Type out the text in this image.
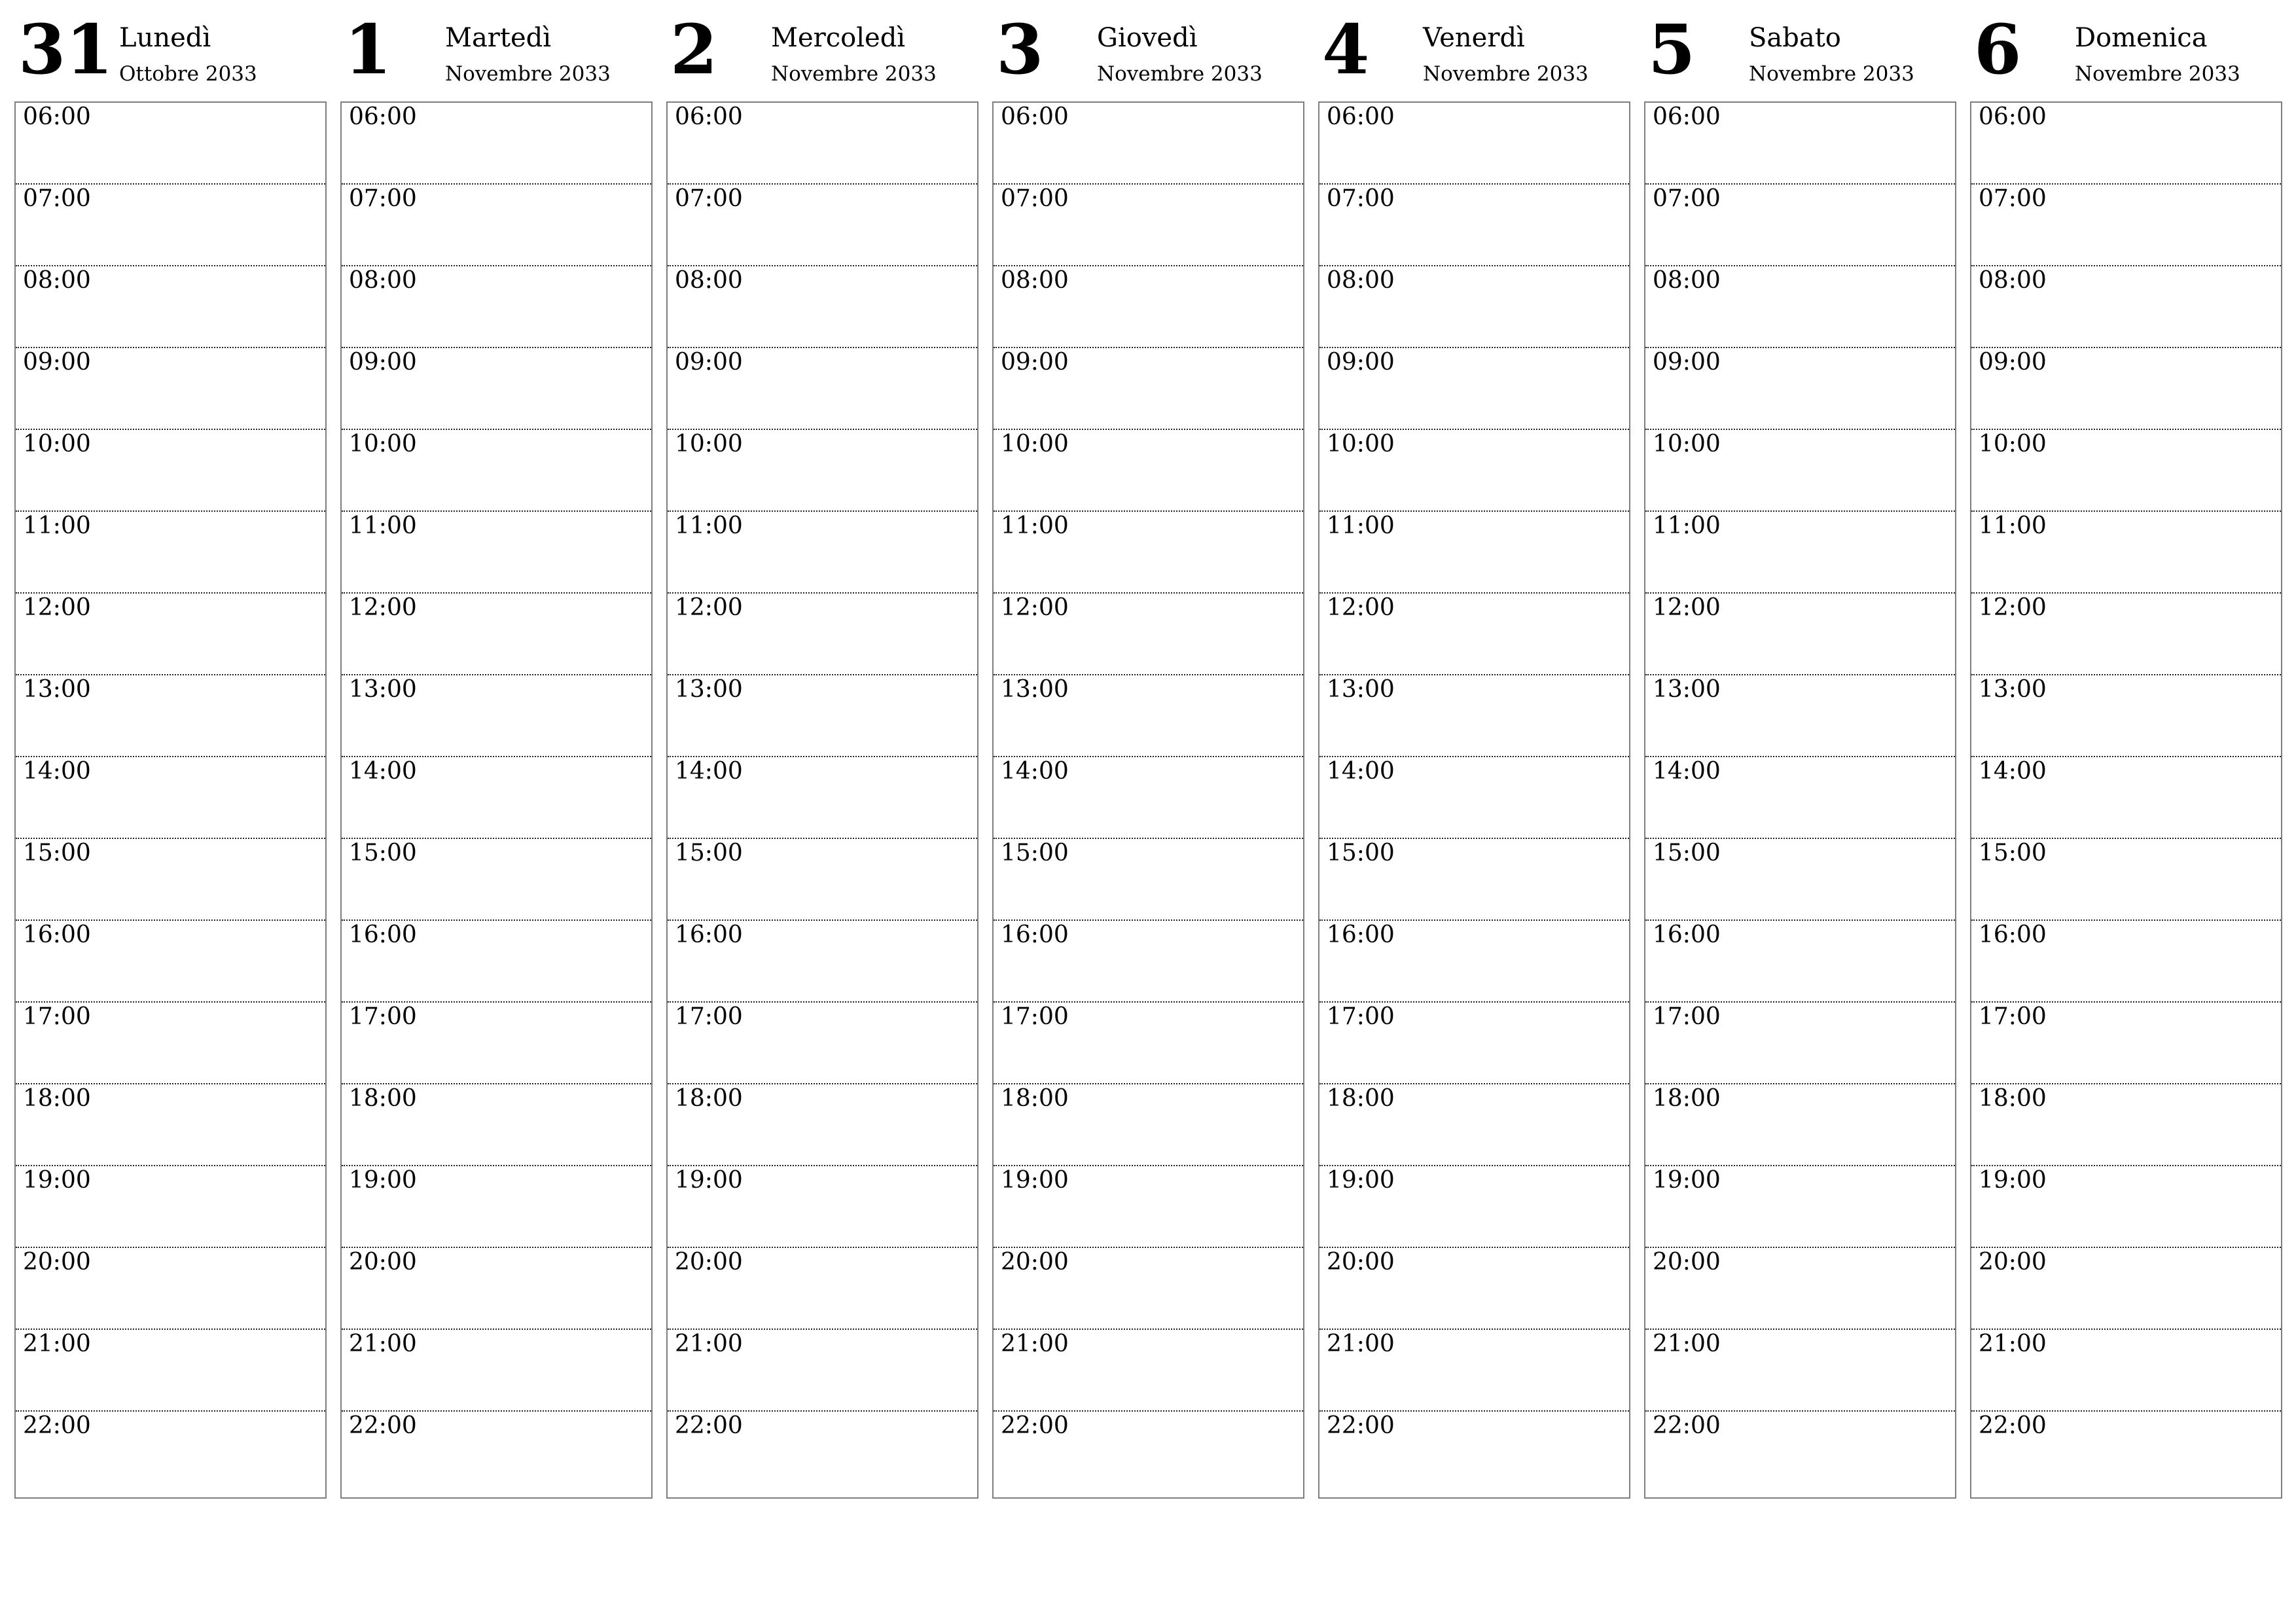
31 Lunedì
Ottobre 2033
06:00
07:00
08:00
09:00
10:00
11:00
12:00
13:00
14:00
15:00
16:00
17:00
18:00
19:00
20:00
21:00
22:00
1 Martedì
Novembre 2033
06:00
07:00
08:00
09:00
10:00
11:00
12:00
13:00
14:00
15:00
16:00
17:00
18:00
19:00
20:00
21:00
22:00
2 Mercoledì
Novembre 2033
06:00
07:00
08:00
09:00
10:00
11:00
12:00
13:00
14:00
15:00
16:00
17:00
18:00
19:00
20:00
21:00
22:00
3 Giovedì
Novembre 2033
06:00
07:00
08:00
09:00
10:00
11:00
12:00
13:00
14:00
15:00
16:00
17:00
18:00
19:00
20:00
21:00
22:00
4 Venerdì
Novembre 2033
06:00
07:00
08:00
09:00
10:00
11:00
12:00
13:00
14:00
15:00
16:00
17:00
18:00
19:00
20:00
21:00
22:00
5 Sabato
Novembre 2033
06:00
07:00
08:00
09:00
10:00
11:00
12:00
13:00
14:00
15:00
16:00
17:00
18:00
19:00
20:00
21:00
22:00
6 Domenica
Novembre 2033
06:00
07:00
08:00
09:00
10:00
11:00
12:00
13:00
14:00
15:00
16:00
17:00
18:00
19:00
20:00
21:00
22:00
